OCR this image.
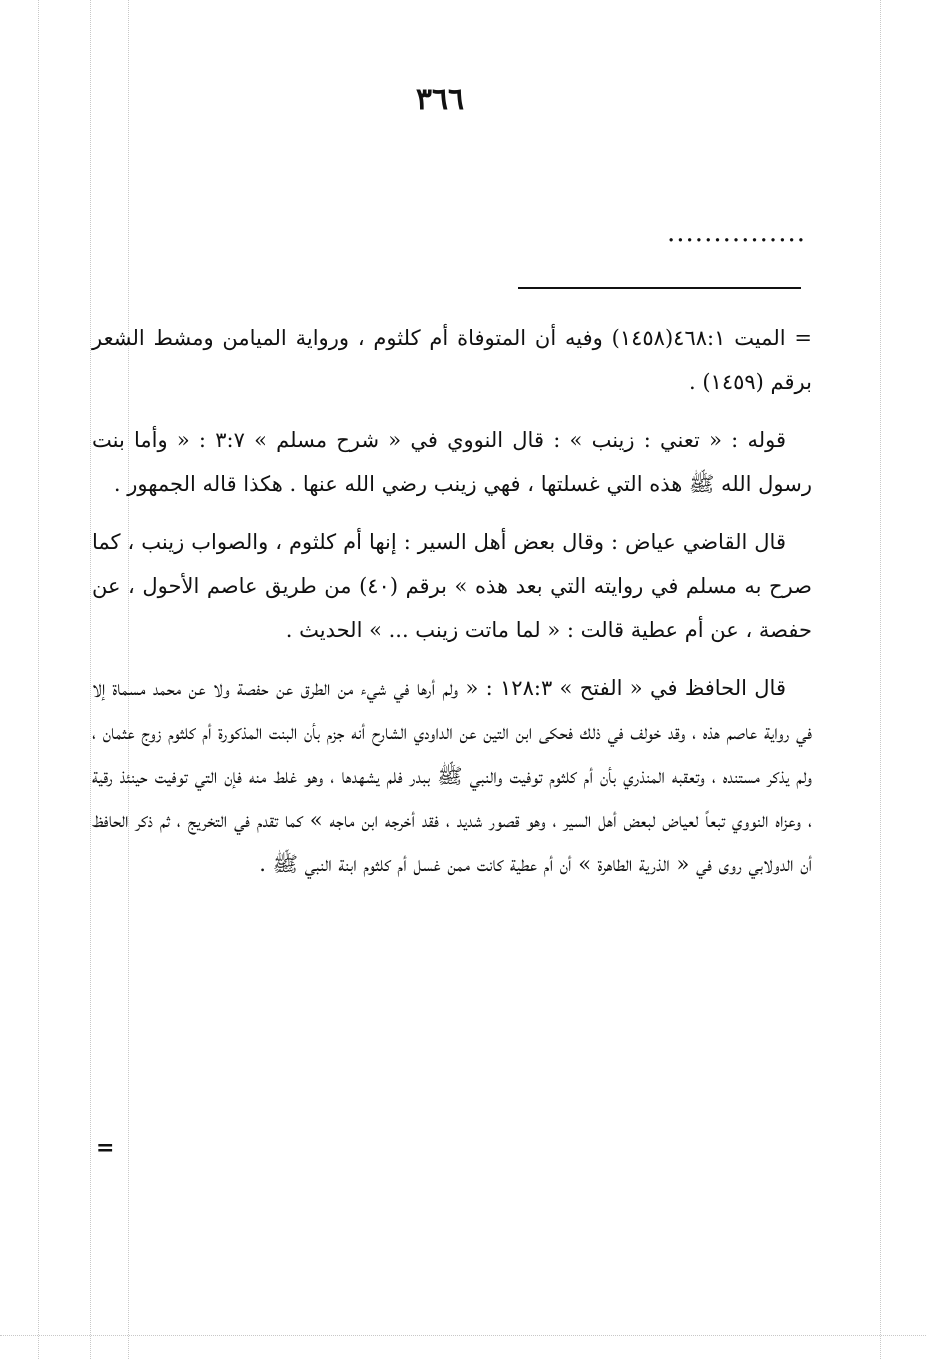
٣٦٦
...............

= الميت ٤٦٨:١(١٤٥٨) وفيه أن المتوفاة أم كلثوم ، ورواية الميامن ومشط الشعر برقم (١٤٥٩) .

قوله : « تعني : زينب » : قال النووي في « شرح مسلم » ٣:٧ : « وأما بنت رسول الله ﷺ هذه التي غسلتها ، فهي زينب رضي الله عنها . هكذا قاله الجمهور .

قال القاضي عياض : وقال بعض أهل السير : إنها أم كلثوم ، والصواب زينب ، كما صرح به مسلم في روايته التي بعد هذه » برقم (٤٠) من طريق عاصم الأحول ، عن حفصة ، عن أم عطية قالت : « لما ماتت زينب ... » الحديث .

قال الحافظ في « الفتح » ١٢٨:٣ : « ولم أرها في شيء من الطرق عن حفصة ولا عن محمد مسماة إلا في رواية عاصم هذه ، وقد خولف في ذلك فحكى ابن التين عن الداودي الشارح أنه جزم بأن البنت المذكورة أم كلثوم زوج عثمان ، ولم يذكر مستنده ، وتعقبه المنذري بأن أم كلثوم توفيت والنبي ﷺ ببدر فلم يشهدها ، وهو غلط منه فإن التي توفيت حينئذ رقية ، وعزاه النووي تبعاً لعياض لبعض أهل السير ، وهو قصور شديد ، فقد أخرجه ابن ماجه » كما تقدم في التخريج ، ثم ذكر الحافظ أن الدولابي روى في « الذرية الطاهرة » أن أم عطية كانت ممن غسل أم كلثوم ابنة النبي ﷺ .

=
